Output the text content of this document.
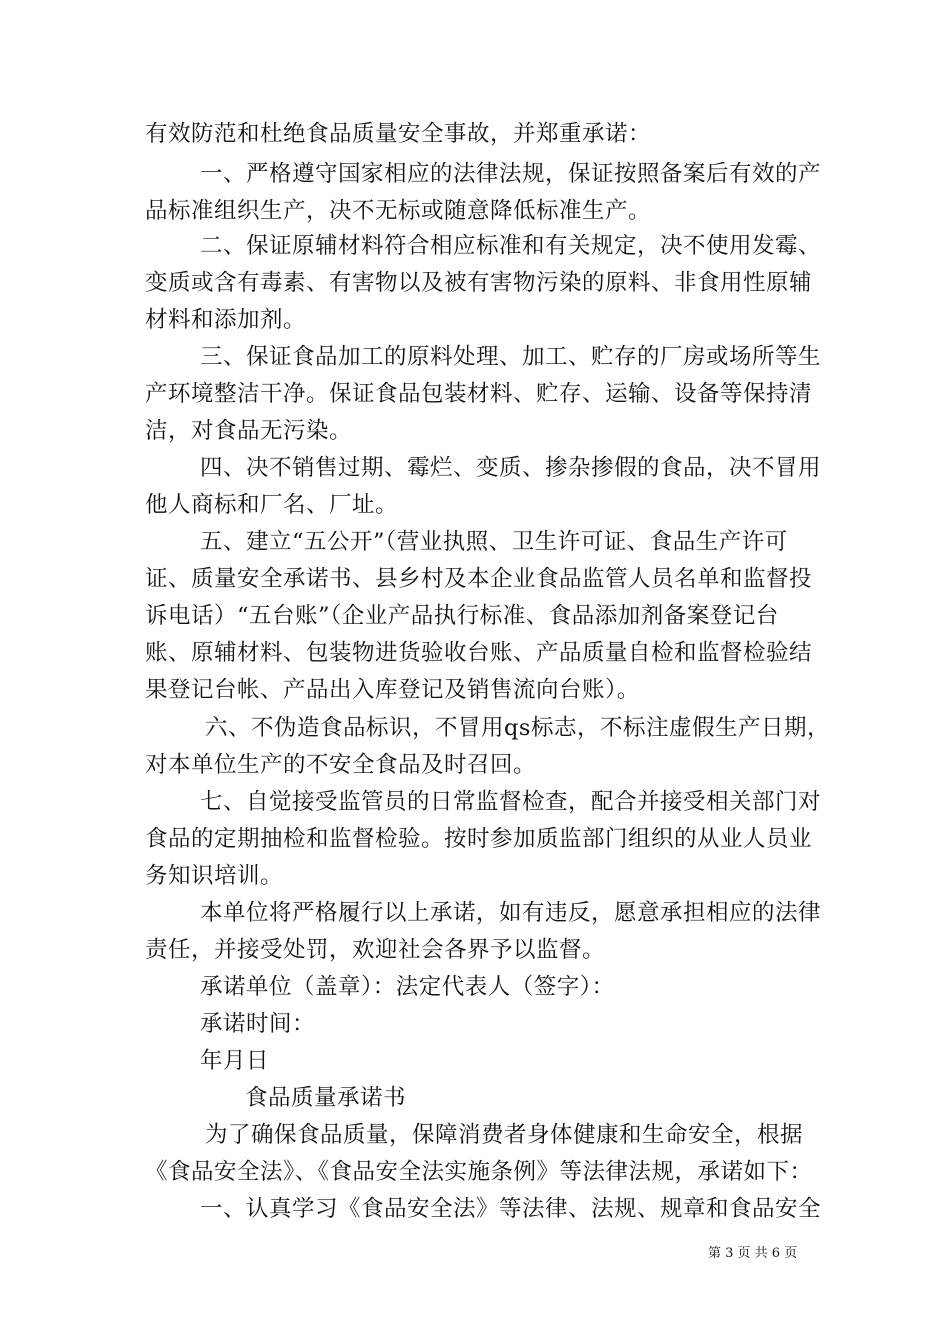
有效防范和杜绝食品质量安全事故，并郑重承诺：
一、严格遵守国家相应的法律法规，保证按照备案后有效的产
品标准组织生产，决不无标或随意降低标准生产。
二、保证原辅材料符合相应标准和有关规定，决不使用发霉、
变质或含有毒素、有害物以及被有害物污染的原料、非食用性原辅
材料和添加剂。
三、保证食品加工的原料处理、加工、贮存的厂房或场所等生
产环境整洁干净。保证食品包装材料、贮存、运输、设备等保持清
洁，对食品无污染。
四、决不销售过期、霉烂、变质、掺杂掺假的食品，决不冒用
他人商标和厂名、厂址。
五、建立“五公开”（营业执照、卫生许可证、食品生产许可
证、质量安全承诺书、县乡村及本企业食品监管人员名单和监督投
诉电话）“五台账”（企业产品执行标准、食品添加剂备案登记台
账、原辅材料、包装物进货验收台账、产品质量自检和监督检验结
果登记台帐、产品出入库登记及销售流向台账）。
六、不伪造食品标识，不冒用qs标志，不标注虚假生产日期，
对本单位生产的不安全食品及时召回。
七、自觉接受监管员的日常监督检查，配合并接受相关部门对
食品的定期抽检和监督检验。按时参加质监部门组织的从业人员业
务知识培训。
本单位将严格履行以上承诺，如有违反，愿意承担相应的法律
责任，并接受处罚，欢迎社会各界予以监督。
承诺单位（盖章）：法定代表人（签字）：
承诺时间：
年月日
食品质量承诺书
为了确保食品质量，保障消费者身体健康和生命安全，根据
《食品安全法》、《食品安全法实施条例》等法律法规，承诺如下：
一、认真学习《食品安全法》等法律、法规、规章和食品安全
第 3 页 共 6 页
